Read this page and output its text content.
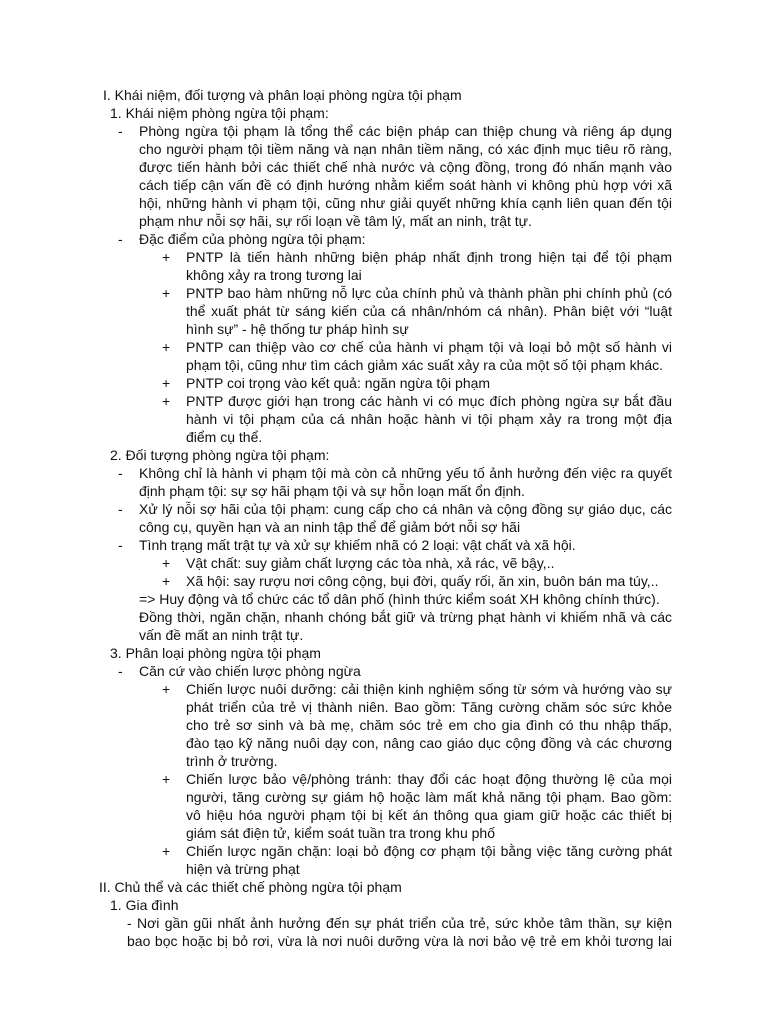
I. Khái niệm, đối tượng và phân loại phòng ngừa tội phạm
1. Khái niệm phòng ngừa tội phạm:
- Phòng ngừa tội phạm là tổng thể các biện pháp can thiệp chung và riêng áp dụng
cho người phạm tội tiềm năng và nạn nhân tiềm năng, có xác định mục tiêu rõ ràng,
được tiến hành bởi các thiết chế nhà nước và cộng đồng, trong đó nhấn mạnh vào
cách tiếp cận vấn đề có định hướng nhằm kiểm soát hành vi không phù hợp với xã
hội, những hành vi phạm tội, cũng như giải quyết những khía cạnh liên quan đến tội
phạm như nỗi sợ hãi, sự rối loạn về tâm lý, mất an ninh, trật tự.
- Đặc điểm của phòng ngừa tội phạm:
+ PNTP là tiến hành những biện pháp nhất định trong hiện tại để tội phạm
không xảy ra trong tương lai
+ PNTP bao hàm những nỗ lực của chính phủ và thành phần phi chính phủ (có
thể xuất phát từ sáng kiến của cá nhân/nhóm cá nhân). Phân biệt với “luật
hình sự” - hệ thống tư pháp hình sự
+ PNTP can thiệp vào cơ chế của hành vi phạm tội và loại bỏ một số hành vi
phạm tội, cũng như tìm cách giảm xác suất xảy ra của một số tội phạm khác.
+ PNTP coi trọng vào kết quả: ngăn ngừa tội phạm
+ PNTP được giới hạn trong các hành vi có mục đích phòng ngừa sự bắt đầu
hành vi tội phạm của cá nhân hoặc hành vi tội phạm xảy ra trong một địa
điểm cụ thể.
2. Đối tượng phòng ngừa tội phạm:
- Không chỉ là hành vi phạm tội mà còn cả những yếu tố ảnh hưởng đến việc ra quyết
định phạm tội: sự sợ hãi phạm tội và sự hỗn loạn mất ổn định.
- Xử lý nỗi sợ hãi của tội phạm: cung cấp cho cá nhân và cộng đồng sự giáo dục, các
công cụ, quyền hạn và an ninh tập thể để giảm bớt nỗi sợ hãi
- Tình trạng mất trật tự và xử sự khiếm nhã có 2 loại: vật chất và xã hội.
+ Vật chất: suy giảm chất lượng các tòa nhà, xả rác, vẽ bậy,..
+ Xã hội: say rượu nơi công cộng, bụi đời, quấy rối, ăn xin, buôn bán ma túy,..
=> Huy động và tổ chức các tổ dân phố (hình thức kiểm soát XH không chính thức).
Đồng thời, ngăn chặn, nhanh chóng bắt giữ và trừng phạt hành vi khiếm nhã và các
vấn đề mất an ninh trật tự.
3. Phân loại phòng ngừa tội phạm
- Căn cứ vào chiến lược phòng ngừa
+ Chiến lược nuôi dưỡng: cải thiện kinh nghiệm sống từ sớm và hướng vào sự
phát triển của trẻ vị thành niên. Bao gồm: Tăng cường chăm sóc sức khỏe
cho trẻ sơ sinh và bà mẹ, chăm sóc trẻ em cho gia đình có thu nhập thấp,
đào tạo kỹ năng nuôi dạy con, nâng cao giáo dục cộng đồng và các chương
trình ở trường.
+ Chiến lược bảo vệ/phòng tránh: thay đổi các hoạt động thường lệ của mọi
người, tăng cường sự giám hộ hoặc làm mất khả năng tội phạm. Bao gồm:
vô hiệu hóa người phạm tội bị kết án thông qua giam giữ hoặc các thiết bị
giám sát điện tử, kiểm soát tuần tra trong khu phố
+ Chiến lược ngăn chặn: loại bỏ động cơ phạm tội bằng việc tăng cường phát
hiện và trừng phạt
II. Chủ thể và các thiết chế phòng ngừa tội phạm
1. Gia đình
- Nơi gần gũi nhất ảnh hưởng đến sự phát triển của trẻ, sức khỏe tâm thần, sự kiện
bao bọc hoặc bị bỏ rơi, vừa là nơi nuôi dưỡng vừa là nơi bảo vệ trẻ em khỏi tương lai
